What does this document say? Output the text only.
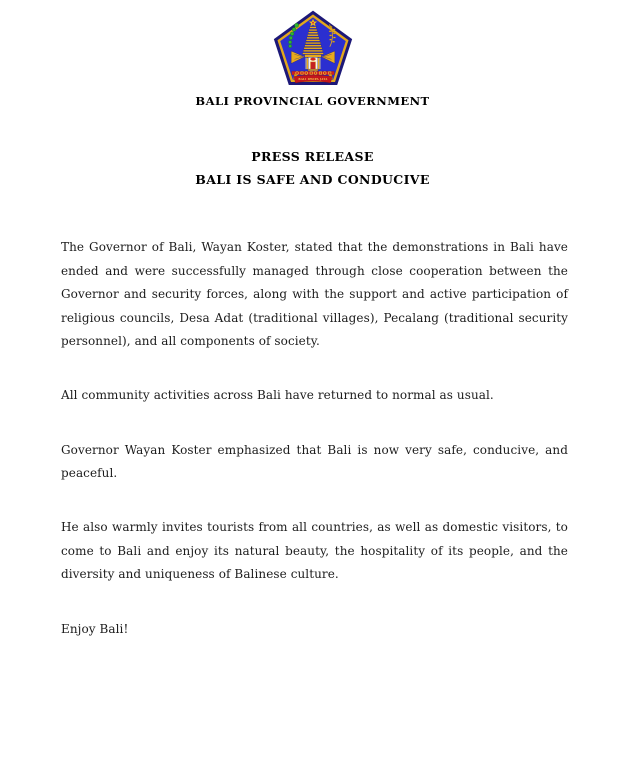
BALI DWIPA JAYA
BALI PROVINCIAL GOVERNMENT
PRESS RELEASE
BALI IS SAFE AND CONDUCIVE

The Governor of Bali, Wayan Koster, stated that the demonstrations in Bali have ended and were successfully managed through close cooperation between the Governor and security forces, along with the support and active participation of religious councils, Desa Adat (traditional villages), Pecalang (traditional security personnel), and all components of society.

All community activities across Bali have returned to normal as usual.

Governor Wayan Koster emphasized that Bali is now very safe, conducive, and peaceful.

He also warmly invites tourists from all countries, as well as domestic visitors, to come to Bali and enjoy its natural beauty, the hospitality of its people, and the diversity and uniqueness of Balinese culture.

Enjoy Bali!
